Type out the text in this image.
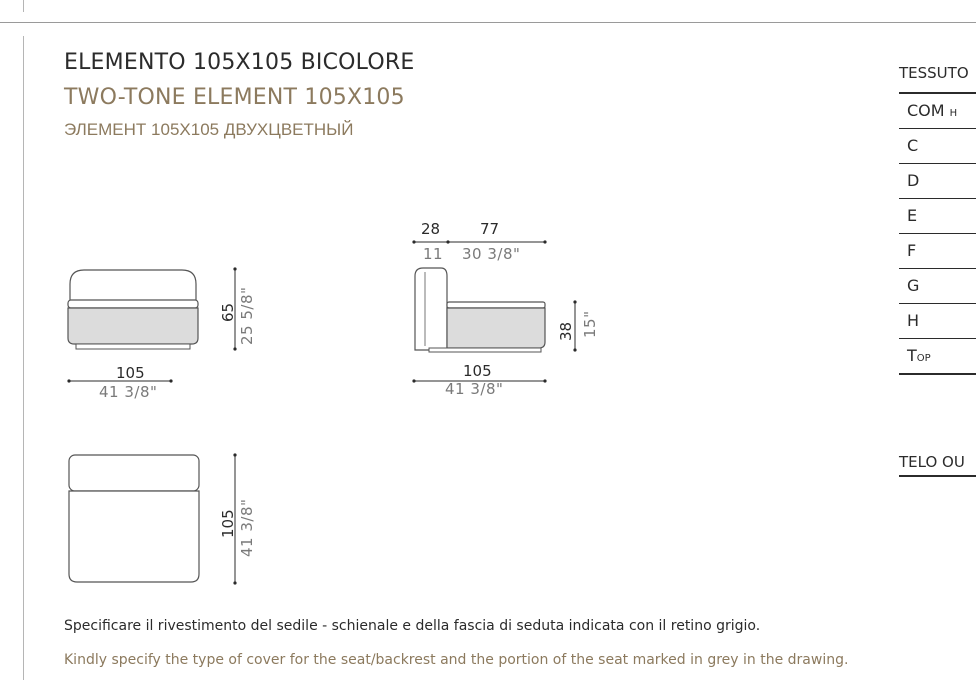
ELEMENTO 105X105 BICOLORE
TWO-TONE ELEMENT 105X105
ЭЛЕМЕНТ 105Х105 ДВУХЦВЕТНЫЙ
105
41 3/8"
65 25 5/8"
28
11
77
30 3/8"
105
41 3/8"
38 15"
105 41 3/8"
TESSUTO
COM H
C
D
E
F
G
H
TOP
TELO OU
Specificare il rivestimento del sedile - schienale e della fascia di seduta indicata con il retino grigio.
Kindly specify the type of cover for the seat/backrest and the portion of the seat marked in grey in the drawing.
